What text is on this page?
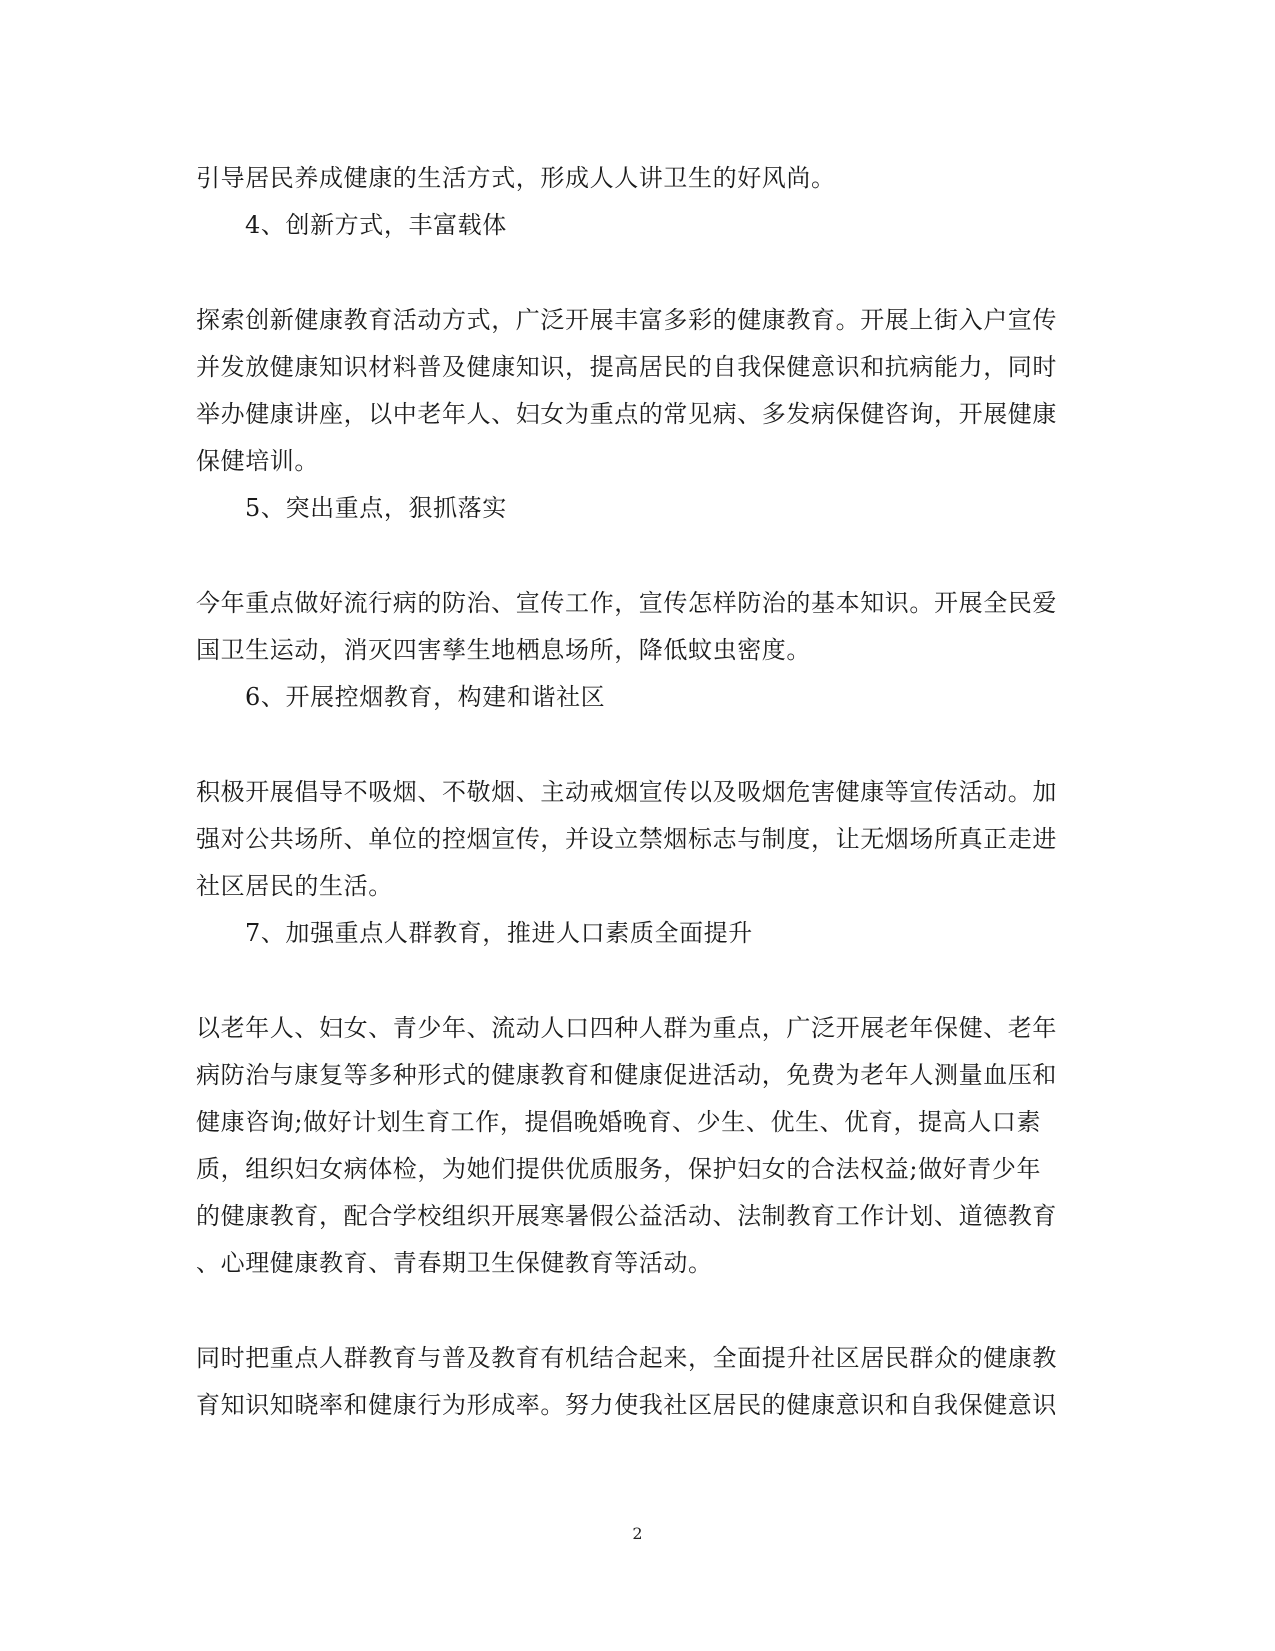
引导居民养成健康的生活方式，形成人人讲卫生的好风尚。
4、创新方式，丰富载体
探索创新健康教育活动方式，广泛开展丰富多彩的健康教育。开展上街入户宣传
并发放健康知识材料普及健康知识，提高居民的自我保健意识和抗病能力，同时
举办健康讲座，以中老年人、妇女为重点的常见病、多发病保健咨询，开展健康
保健培训。
5、突出重点，狠抓落实
今年重点做好流行病的防治、宣传工作，宣传怎样防治的基本知识。开展全民爱
国卫生运动，消灭四害孳生地栖息场所，降低蚊虫密度。
6、开展控烟教育，构建和谐社区
积极开展倡导不吸烟、不敬烟、主动戒烟宣传以及吸烟危害健康等宣传活动。加
强对公共场所、单位的控烟宣传，并设立禁烟标志与制度，让无烟场所真正走进
社区居民的生活。
7、加强重点人群教育，推进人口素质全面提升
以老年人、妇女、青少年、流动人口四种人群为重点，广泛开展老年保健、老年
病防治与康复等多种形式的健康教育和健康促进活动，免费为老年人测量血压和
健康咨询;做好计划生育工作，提倡晚婚晚育、少生、优生、优育，提高人口素
质，组织妇女病体检，为她们提供优质服务，保护妇女的合法权益;做好青少年
的健康教育，配合学校组织开展寒暑假公益活动、法制教育工作计划、道德教育
、心理健康教育、青春期卫生保健教育等活动。
同时把重点人群教育与普及教育有机结合起来，全面提升社区居民群众的健康教
育知识知晓率和健康行为形成率。努力使我社区居民的健康意识和自我保健意识
2
